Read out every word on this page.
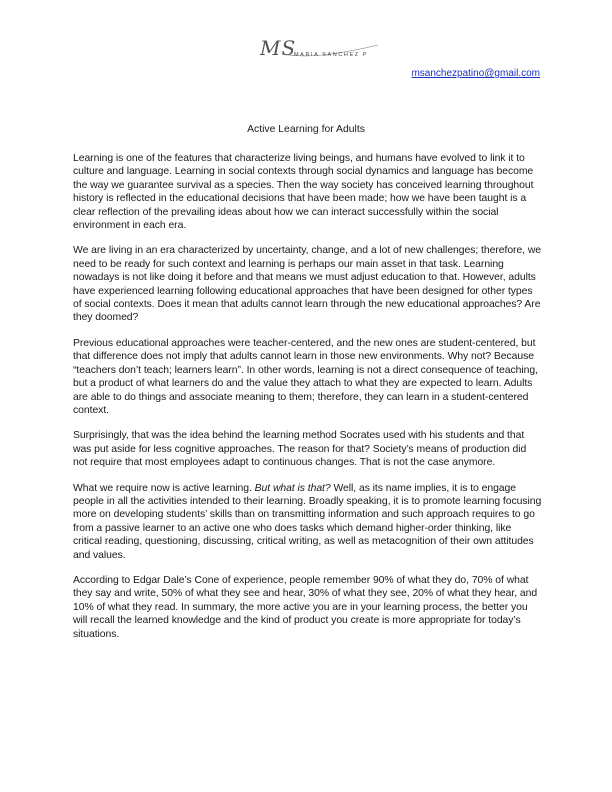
MS
MARIA SANCHEZ P
msanchezpatino@gmail.com
Active Learning for Adults

Learning is one of the features that characterize living beings, and humans have evolved to link it to culture and language. Learning in social contexts through social dynamics and language has become the way we guarantee survival as a species. Then the way society has conceived learning throughout history is reflected in the educational decisions that have been made; how we have been taught is a clear reflection of the prevailing ideas about how we can interact successfully within the social environment in each era.

We are living in an era characterized by uncertainty, change, and a lot of new challenges; therefore, we need to be ready for such context and learning is perhaps our main asset in that task. Learning nowadays is not like doing it before and that means we must adjust education to that. However, adults have experienced learning following educational approaches that have been designed for other types of social contexts. Does it mean that adults cannot learn through the new educational approaches? Are they doomed?

Previous educational approaches were teacher-centered, and the new ones are student-centered, but that difference does not imply that adults cannot learn in those new environments. Why not? Because “teachers don’t teach; learners learn”. In other words, learning is not a direct consequence of teaching, but a product of what learners do and the value they attach to what they are expected to learn. Adults are able to do things and associate meaning to them; therefore, they can learn in a student-centered context.

Surprisingly, that was the idea behind the learning method Socrates used with his students and that was put aside for less cognitive approaches. The reason for that? Society’s means of production did not require that most employees adapt to continuous changes. That is not the case anymore.

What we require now is active learning. But what is that? Well, as its name implies, it is to engage people in all the activities intended to their learning. Broadly speaking, it is to promote learning focusing more on developing students’ skills than on transmitting information and such approach requires to go from a passive learner to an active one who does tasks which demand higher-order thinking, like critical reading, questioning, discussing, critical writing, as well as metacognition of their own attitudes and values.

According to Edgar Dale’s Cone of experience, people remember 90% of what they do, 70% of what they say and write, 50% of what they see and hear, 30% of what they see, 20% of what they hear, and 10% of what they read. In summary, the more active you are in your learning process, the better you will recall the learned knowledge and the kind of product you create is more appropriate for today’s situations.
